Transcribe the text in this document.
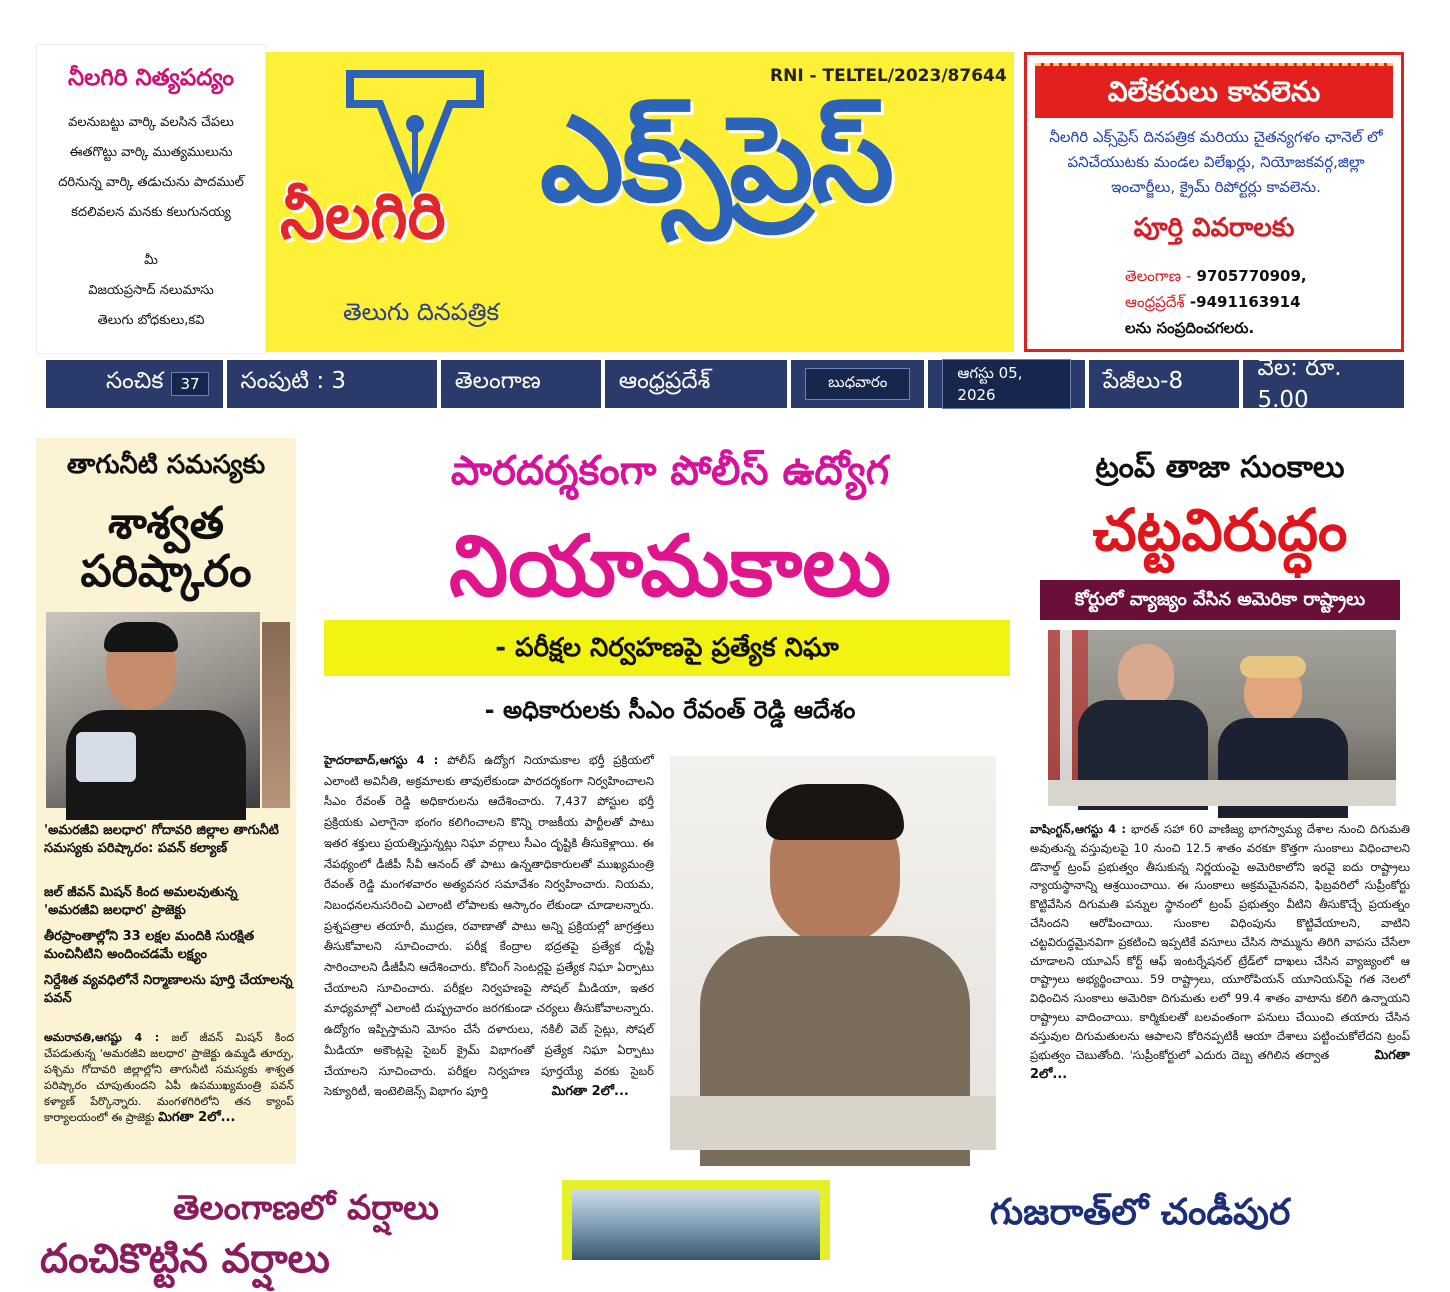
నీలగిరి నిత్యపద్యం

వలనుబట్టు వార్కి వలసిన చేపలు

ఈతగొట్టు వార్కి ముత్యములును

దరినున్న వార్కి తడుచును పాదముల్

కదలివలన మనకు కలుగునయ్య

మీ

విజయప్రసాద్ నలుమాసు

తెలుగు బోధకులు,కవి

RNI - TELTEL/2023/87644
నీలగిరి ఎక్స్‌ప్రెస్
తెలుగు దినపత్రిక
విలేకరులు కావలెను
నీలగిరి ఎక్స్‌ప్రెస్ దినపత్రిక మరియు చైతన్యగళం ఛానెల్ లో పనిచేయుటకు మండల విలేఖర్లు, నియోజకవర్గ,జిల్లా ఇంచార్జీలు, క్రైమ్ రిపోర్టర్లు కావలెను.
పూర్తి వివరాలకు
తెలంగాణ - 9705770909,
ఆంధ్రప్రదేశ్ -9491163914
లను సంప్రదించగలరు.
సంచిక	37	సంపుటి : 3	తెలంగాణ	ఆంధ్రప్రదేశ్	బుధవారం	ఆగస్టు 05, 2026
పేజీలు-8	వెల: రూ. 5.00
తాగునీటి సమస్యకు
శాశ్వత పరిష్కారం
'అమరజీవి జలధార' గోదావరి జిల్లాల తాగునీటి సమస్యకు పరిష్కారం: పవన్ కల్యాణ్
జల్ జీవన్ మిషన్ కింద అమలవుతున్న 'అమరజీవి జలధార' ప్రాజెక్టు
తీరప్రాంతాల్లోని 33 లక్షల మందికి సురక్షిత మంచినీటిని అందించడమే లక్ష్యం
నిర్దేశిత వ్యవధిలోనే నిర్మాణాలను పూర్తి చేయాలన్న పవన్
అమరావతి,ఆగష్టు 4 : జల్ జీవన్ మిషన్ కింద చేపడుతున్న 'అమరజీవి జలధార' ప్రాజెక్టు ఉమ్మడి తూర్పు, పశ్చిమ గోదావరి జిల్లాల్లోని తాగునీటి సమస్యకు శాశ్వత పరిష్కారం చూపుతుందని ఏపీ ఉపముఖ్యమంత్రి పవన్ కళ్యాణ్ పేర్కొన్నారు. మంగళగిరిలోని తన క్యాంప్ కార్యాలయంలో ఈ ప్రాజెక్టు మిగతా 2లో...
పారదర్శకంగా పోలీస్ ఉద్యోగ
నియామకాలు
- పరీక్షల నిర్వహణపై ప్రత్యేక నిఘా
- అధికారులకు సీఎం రేవంత్ రెడ్డి ఆదేశం
హైదరాబాద్,ఆగస్టు 4 : పోలీస్ ఉద్యోగ నియామకాల భర్తీ ప్రక్రియలో ఎలాంటి అవినీతి, అక్రమాలకు తావులేకుండా పారదర్శకంగా నిర్వహించాలని సీఎం రేవంత్ రెడ్డి అధికారులను ఆదేశించారు. 7,437 పోస్టుల భర్తీ ప్రక్రియకు ఎలాగైనా భంగం కలిగించాలని కొన్ని రాజకీయ పార్టీలతో పాటు ఇతర శక్తులు ప్రయత్నిస్తున్నట్లు నిఘా వర్గాలు సీఎం దృష్టికి తీసుకెళ్లాయి. ఈ నేపథ్యంలో డీజీపీ సీవీ ఆనంద్ తో పాటు ఉన్నతాధికారులతో ముఖ్యమంత్రి రేవంత్ రెడ్డి మంగళవారం అత్యవసర సమావేశం నిర్వహించారు. నియమ, నిబంధనలనుసరించి ఎలాంటి లోపాలకు ఆస్కారం లేకుండా చూడాలన్నారు. ప్రశ్నపత్రాల తయారీ, ముద్రణ, రవాణాతో పాటు అన్ని ప్రక్రియల్లో జాగ్రత్తలు తీసుకోవాలని సూచించారు. పరీక్ష కేంద్రాల భద్రతపై ప్రత్యేక దృష్టి సారించాలని డీజీపీని ఆదేశించారు. కోచింగ్ సెంటర్లపై ప్రత్యేక నిఘా ఏర్పాటు చేయాలని సూచించారు. పరీక్షల నిర్వహణపై సోషల్ మీడియా, ఇతర మాధ్యమాల్లో ఎలాంటి దుష్ప్రచారం జరగకుండా చర్యలు తీసుకోవాలన్నారు. ఉద్యోగం ఇప్పిస్తామని మోసం చేసే దళారులు, నకిలీ వెబ్ సైట్లు, సోషల్ మీడియా అకౌంట్లపై సైబర్ క్రైమ్ విభాగంతో ప్రత్యేక నిఘా ఏర్పాటు చేయాలని సూచించారు. పరీక్షల నిర్వహణ పూర్తయ్యే వరకు సైబర్ సెక్యూరిటీ, ఇంటెలిజెన్స్ విభాగం పూర్తి	మిగతా 2లో...
ట్రంప్ తాజా సుంకాలు
చట్టవిరుద్ధం
కోర్టులో వ్యాజ్యం వేసిన అమెరికా రాష్ట్రాలు
వాషింగ్టన్,ఆగస్టు 4 : భారత్ సహా 60 వాణిజ్య భాగస్వామ్య దేశాల నుంచి దిగుమతి అవుతున్న వస్తువులపై 10 నుంచి 12.5 శాతం వరకూ కొత్తగా సుంకాలు విధించాలని డొనాల్డ్ ట్రంప్ ప్రభుత్వం తీసుకున్న నిర్ణయంపై అమెరికాలోని ఇరవై ఐదు రాష్ట్రాలు న్యాయస్థానాన్ని ఆశ్రయించాయి. ఈ సుంకాలు అక్రమమైనవని, ఫిబ్రవరిలో సుప్రీంకోర్టు కొట్టివేసిన దిగుమతి పన్నుల స్థానంలో ట్రంప్ ప్రభుత్వం వీటిని తీసుకొచ్చే ప్రయత్నం చేసిందని ఆరోపించాయి. సుంకాల విధింపును కొట్టివేయాలని, వాటిని చట్టవిరుద్ధమైనవిగా ప్రకటించి ఇప్పటికే వసూలు చేసిన సొమ్మును తిరిగి వాపసు చేసేలా చూడాలని యూఎస్ కోర్ట్ ఆఫ్ ఇంటర్నేషనల్ ట్రేడ్‌లో దాఖలు చేసిన వ్యాజ్యంలో ఆ రాష్ట్రాలు అభ్యర్థించాయి. 59 రాష్ట్రాలు, యూరోపియన్ యూనియన్‌పై గత నెలలో విధించిన సుంకాలు అమెరికా దిగుమతు లలో 99.4 శాతం వాటాను కలిగి ఉన్నాయని రాష్ట్రాలు వాదించాయి. కార్మికులతో బలవంతంగా పనులు చేయించి తయారు చేసిన వస్తువుల దిగుమతులను ఆపాలని కోరినప్పటికీ ఆయా దేశాలు పట్టించుకోలేదని ట్రంప్ ప్రభుత్వం చెబుతోంది. 'సుప్రీంకోర్టులో ఎదురు దెబ్బ తగిలిన తర్వాత	మిగతా 2లో...
తెలంగాణలో వర్షాలు
దంచికొట్టిన వర్షాలు
గుజరాత్‌లో చండీపుర
